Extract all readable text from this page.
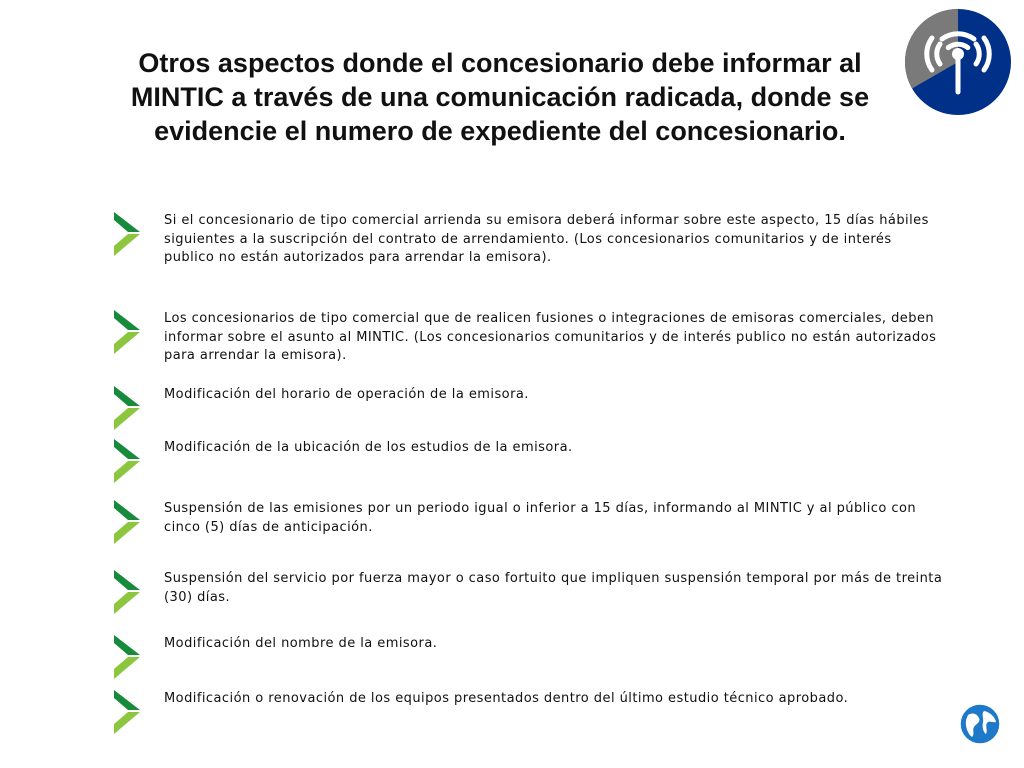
Otros aspectos donde el concesionario debe informar al MINTIC a través de una comunicación radicada, donde se evidencie el numero de expediente del concesionario.

Si el concesionario de tipo comercial arrienda su emisora deberá informar sobre este aspecto, 15 días hábiles siguientes a la suscripción del contrato de arrendamiento. (Los concesionarios comunitarios y de interés publico no están autorizados para arrendar la emisora).

Los concesionarios de tipo comercial que de realicen fusiones o integraciones de emisoras comerciales, deben informar sobre el asunto al MINTIC. (Los concesionarios comunitarios y de interés publico no están autorizados para arrendar la emisora).

Modificación del horario de operación de la emisora.

Modificación de la ubicación de los estudios de la emisora.

Suspensión de las emisiones por un periodo igual o inferior a 15 días, informando al MINTIC y al público con cinco (5) días de anticipación.

Suspensión del servicio por fuerza mayor o caso fortuito que impliquen suspensión temporal por más de treinta (30) días.

Modificación del nombre de la emisora.

Modificación o renovación de los equipos presentados dentro del último estudio técnico aprobado.
